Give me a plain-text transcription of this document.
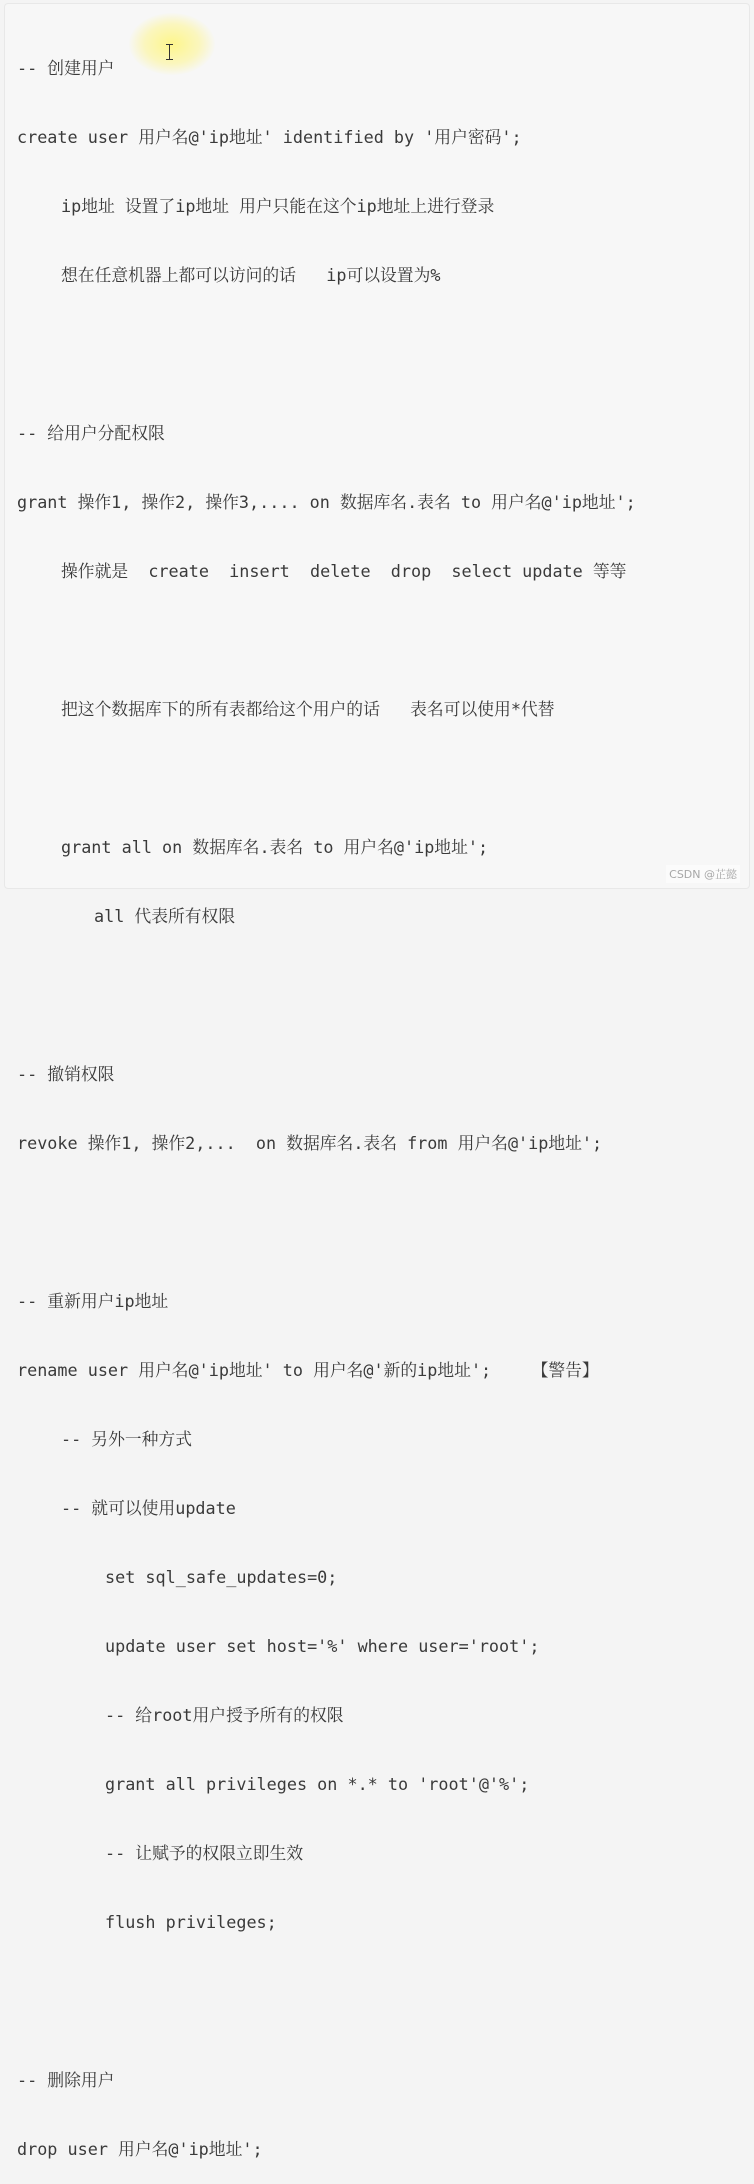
-- 创建用户

create user 用户名@'ip地址' identified by '用户密码';

ip地址 设置了ip地址 用户只能在这个ip地址上进行登录

想在任意机器上都可以访问的话   ip可以设置为%

-- 给用户分配权限

grant 操作1, 操作2, 操作3,.... on 数据库名.表名 to 用户名@'ip地址';

操作就是  create  insert  delete  drop  select update 等等

把这个数据库下的所有表都给这个用户的话   表名可以使用*代替

grant all on 数据库名.表名 to 用户名@'ip地址';

all 代表所有权限

-- 撤销权限

revoke 操作1, 操作2,...  on 数据库名.表名 from 用户名@'ip地址';

-- 重新用户ip地址

rename user 用户名@'ip地址' to 用户名@'新的ip地址';    【警告】

-- 另外一种方式

-- 就可以使用update

set sql_safe_updates=0;

update user set host='%' where user='root';

-- 给root用户授予所有的权限

grant all privileges on *.* to 'root'@'%';

-- 让赋予的权限立即生效

flush privileges;

-- 删除用户

drop user 用户名@'ip地址';

CSDN @芷懿
